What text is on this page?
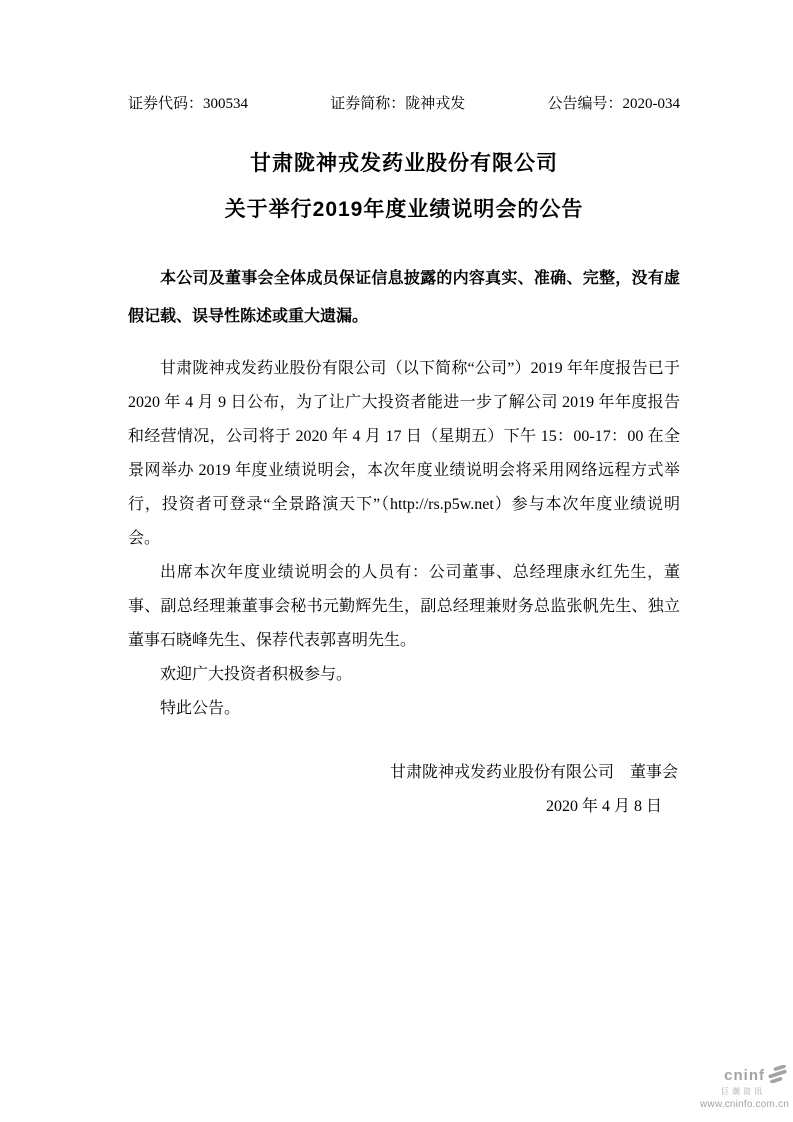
证券代码：300534	证券简称：陇神戎发	公告编号：2020-034
甘肃陇神戎发药业股份有限公司
关于举行2019年度业绩说明会的公告

本公司及董事会全体成员保证信息披露的内容真实、准确、完整，没有虚假记载、误导性陈述或重大遗漏。

甘肃陇神戎发药业股份有限公司（以下简称“公司”）2019 年年度报告已于 2020 年 4 月 9 日公布，为了让广大投资者能进一步了解公司 2019 年年度报告和经营情况，公司将于 2020 年 4 月 17 日（星期五）下午 15：00-17：00 在全景网举办 2019 年度业绩说明会，本次年度业绩说明会将采用网络远程方式举行，投资者可登录“全景路演天下”（http://rs.p5w.net）参与本次年度业绩说明会。

出席本次年度业绩说明会的人员有：公司董事、总经理康永红先生，董事、副总经理兼董事会秘书元勤辉先生，副总经理兼财务总监张帆先生、独立董事石晓峰先生、保荐代表郭喜明先生。

欢迎广大投资者积极参与。

特此公告。

甘肃陇神戎发药业股份有限公司　董事会
2020 年 4 月 8 日
cninf
巨潮资讯
www.cninfo.com.cn
